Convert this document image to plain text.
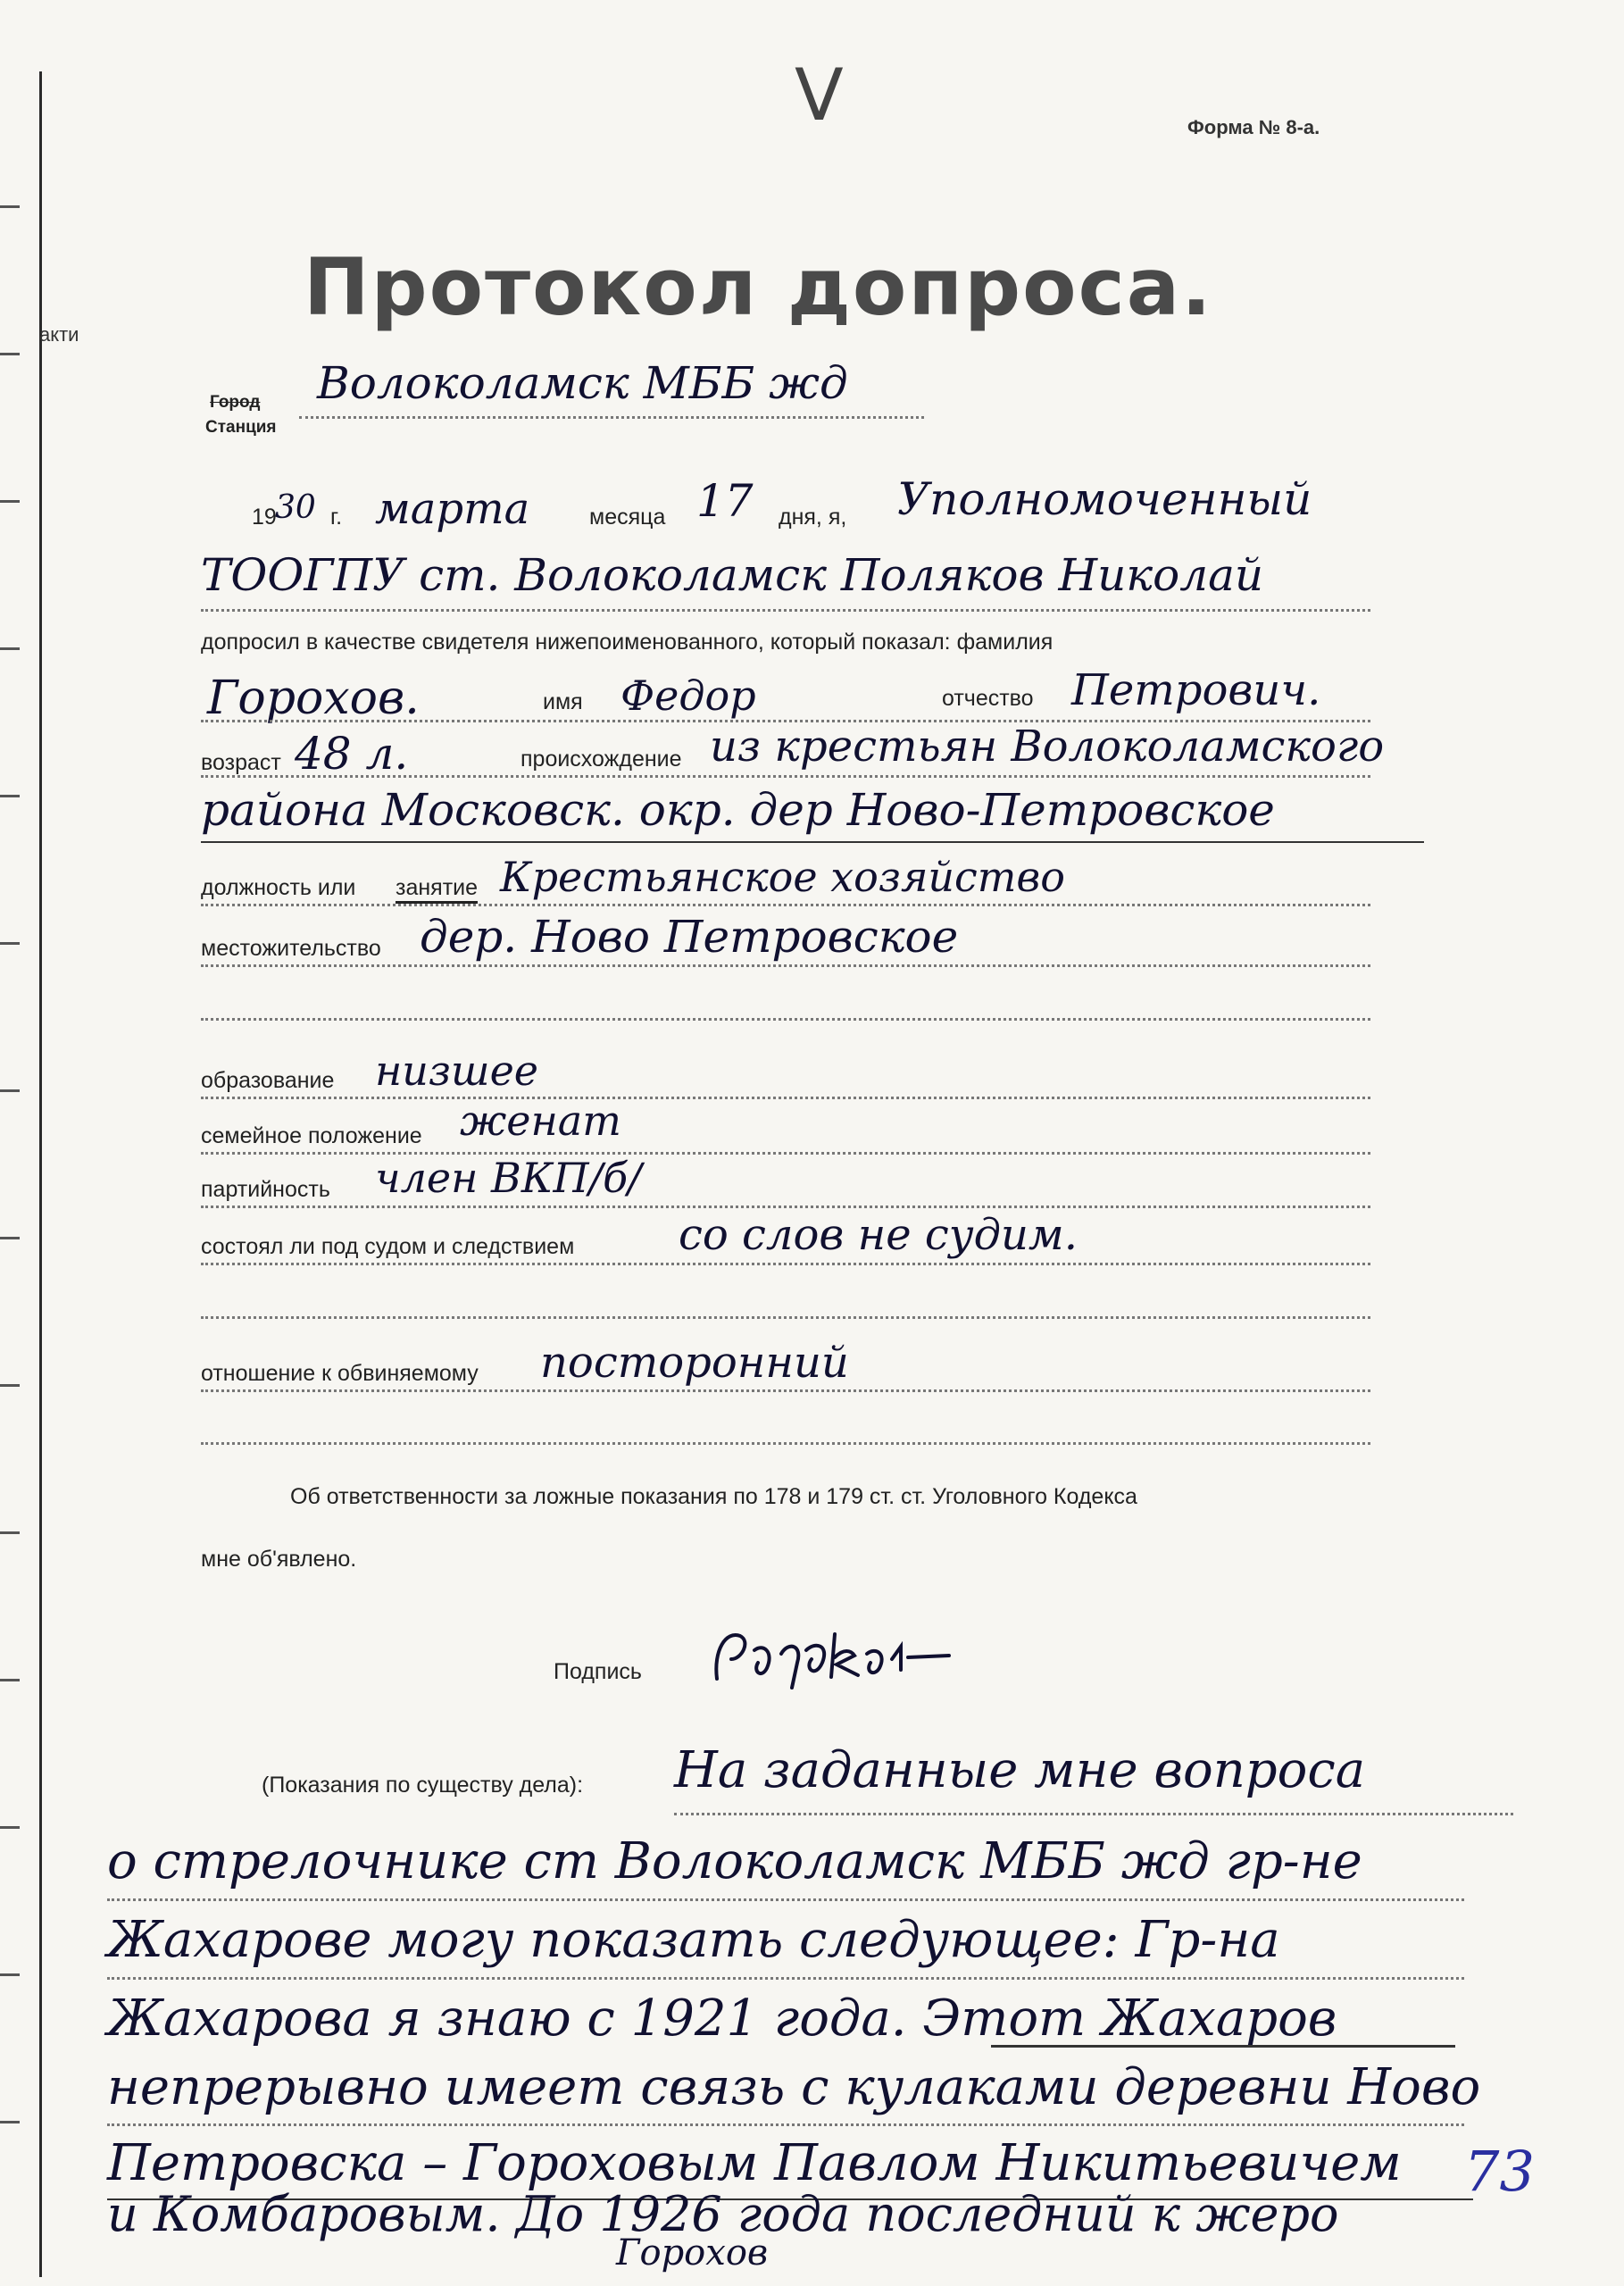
акти
V	Форма № 8-а.
Протокол допроса.
Город
Станция
Волоколамск МББ жд
19
30 г. марта	месяца 17 дня, я, Уполномоченный
ТООГПУ ст. Волоколамск Поляков Николай
допросил в качестве свидетеля нижепоименованного, который показал: фамилия
Горохов.	имя Федор	отчество Петрович.
возраст 48 л.	происхождение из крестьян Волоколамского
района Московск. окр. дер Ново-Петровское
должность или занятие Крестьянское хозяйство
местожительство дер. Ново Петровское
образование низшее
семейное положение женат
партийность член ВКП/б/
состоял ли под судом и следствием со слов не судим.
отношение к обвиняемому посторонний
Об ответственности за ложные показания по 178 и 179 ст. ст. Уголовного Кодекса
мне об'явлено.
Подпись
(Показания по существу дела): На заданные мне вопроса
о стрелочнике ст Волоколамск МББ жд гр-не
Жахарове могу показать следующее: Гр-на
Жахарова я знаю с 1921 года. Этот Жахаров
непрерывно имеет связь с кулаками деревни Ново
Петровска – Гороховым Павлом Никитьевичем
и Комбаровым. До 1926 года последний к жеро
Горохов
73
